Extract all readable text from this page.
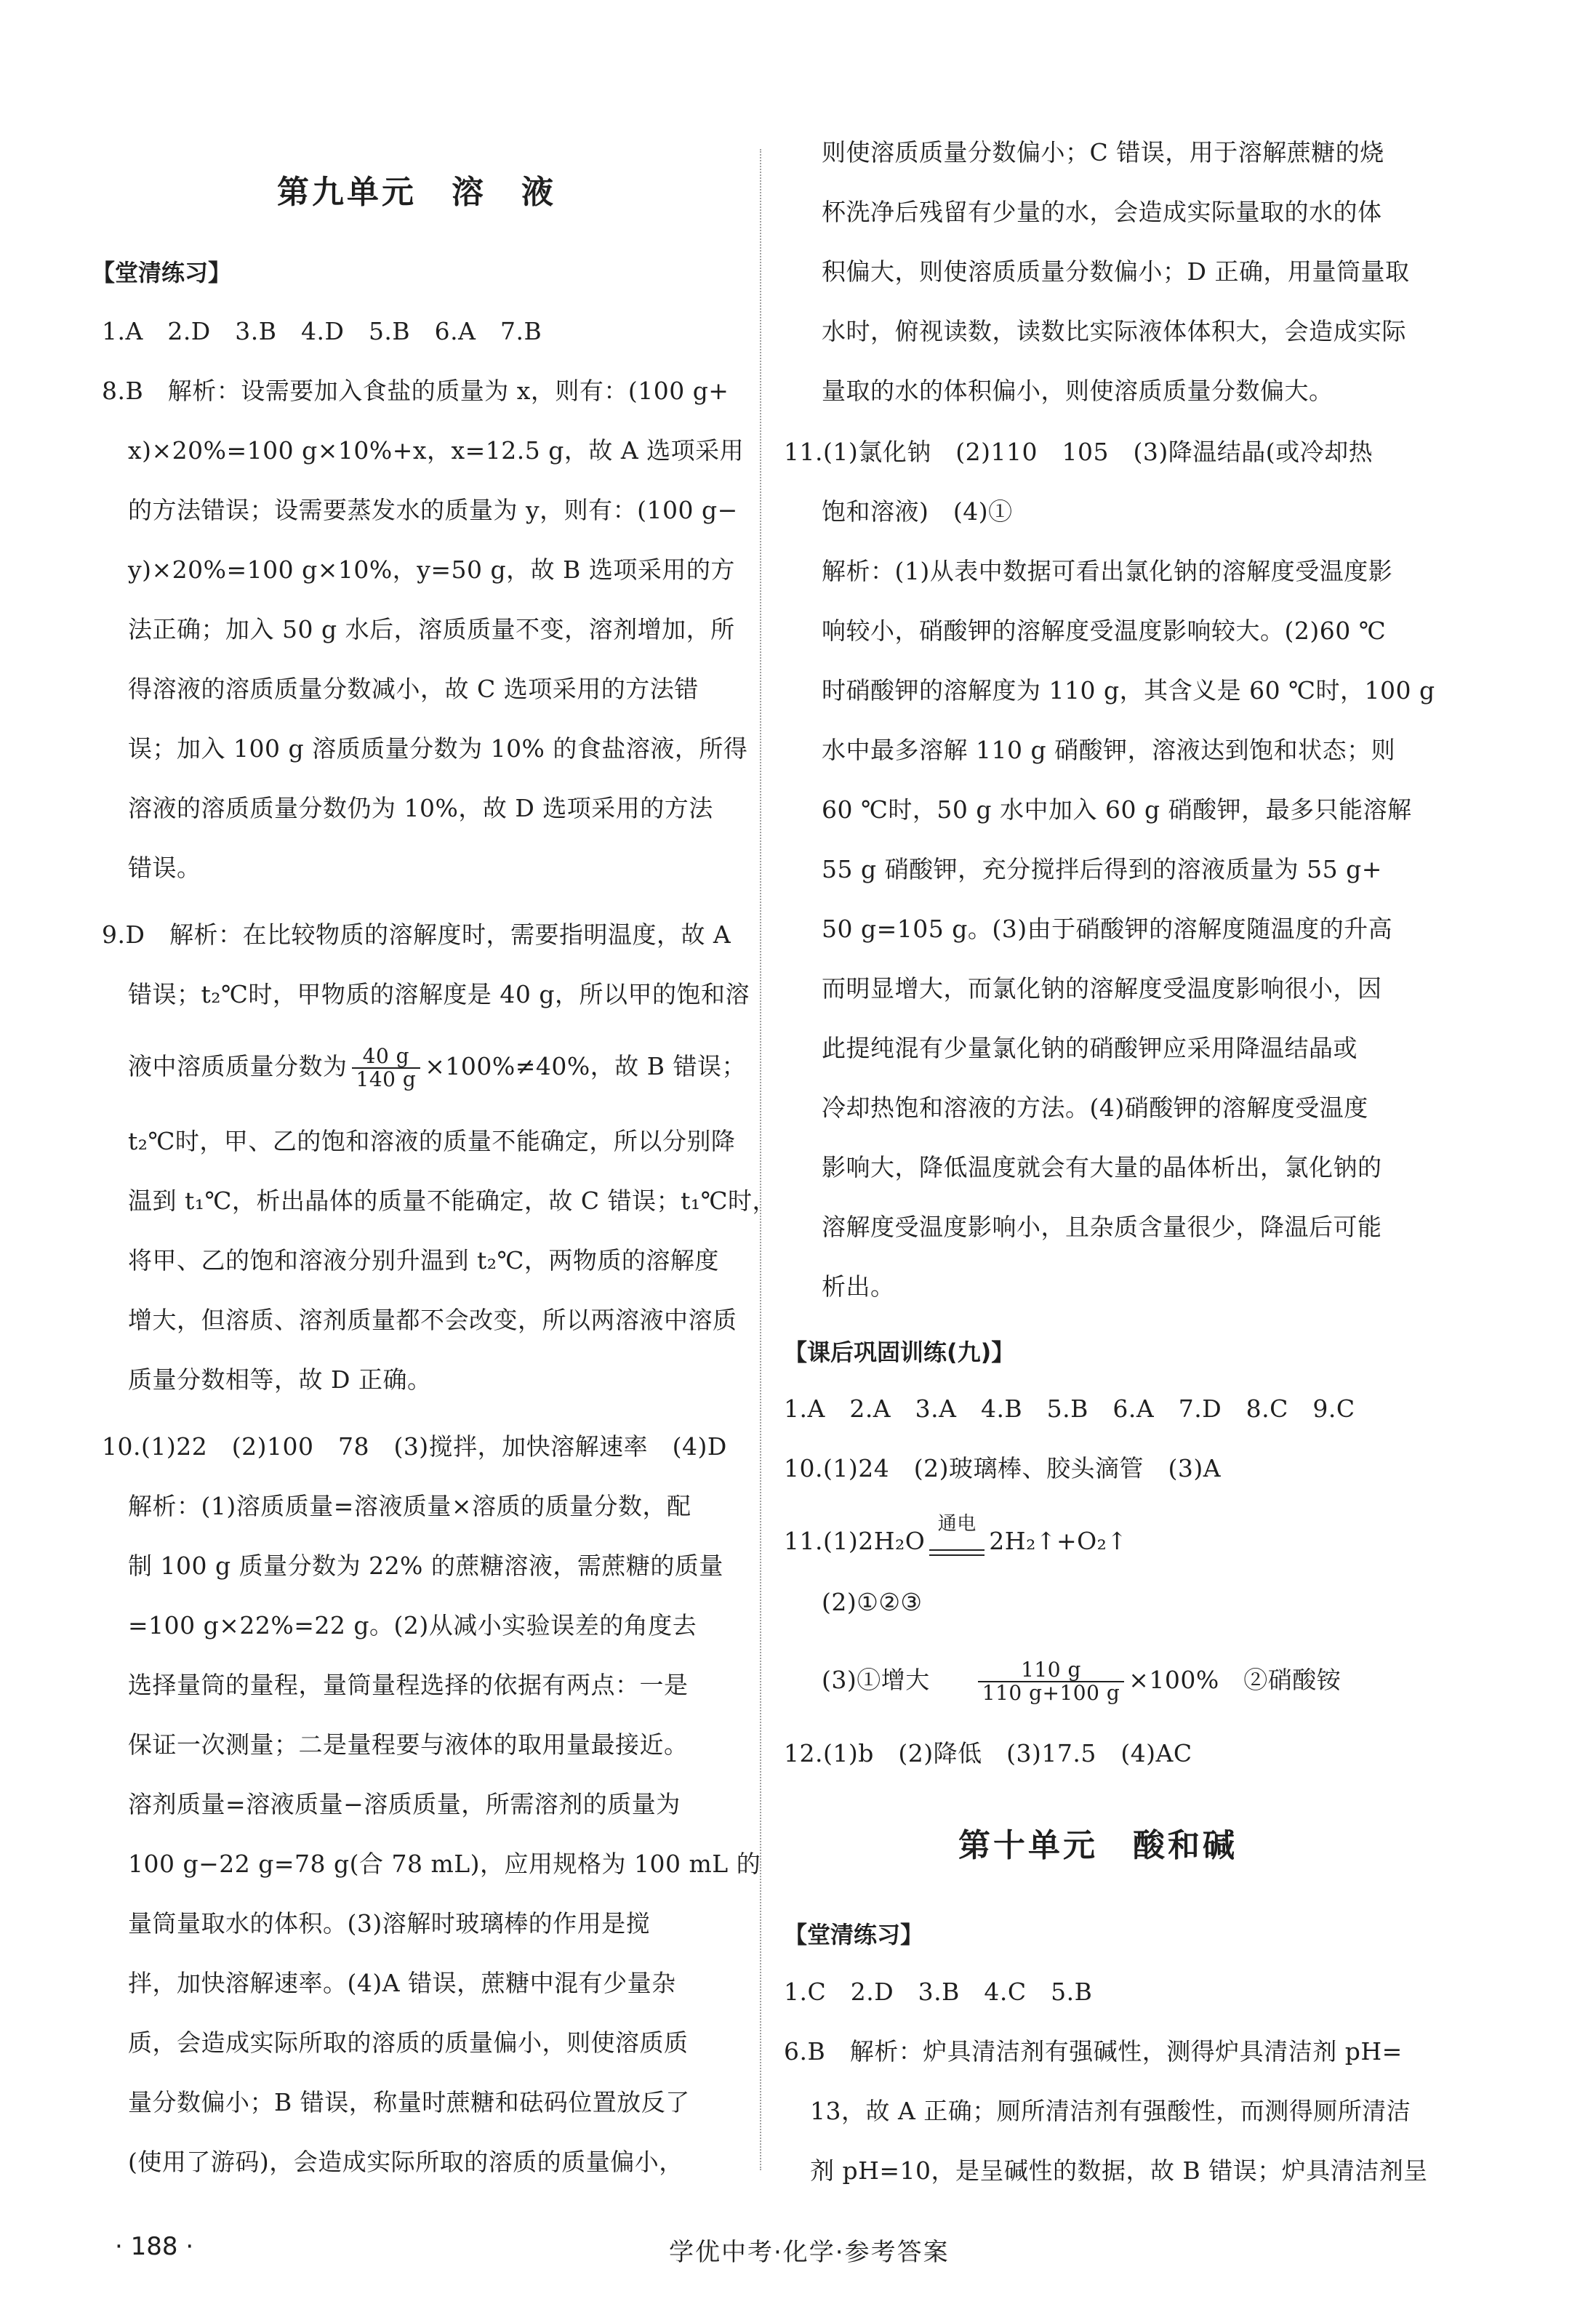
第九单元　溶　液
【堂清练习】
1.A　2.D　3.B　4.D　5.B　6.A　7.B
8.B　解析：设需要加入食盐的质量为 x，则有：(100 g+
x)×20%=100 g×10%+x，x=12.5 g，故 A 选项采用
的方法错误；设需要蒸发水的质量为 y，则有：(100 g−
y)×20%=100 g×10%，y=50 g，故 B 选项采用的方
法正确；加入 50 g 水后，溶质质量不变，溶剂增加，所
得溶液的溶质质量分数减小，故 C 选项采用的方法错
误；加入 100 g 溶质质量分数为 10% 的食盐溶液，所得
溶液的溶质质量分数仍为 10%，故 D 选项采用的方法
错误。
9.D　解析：在比较物质的溶解度时，需要指明温度，故 A
错误；t₂℃时，甲物质的溶解度是 40 g，所以甲的饱和溶
液中溶质质量分数为 $\frac{40 g}{140 g} \times 100\%\ne 40\%$，故 B 错误；
t₂℃时，甲、乙的饱和溶液的质量不能确定，所以分别降
温到 t₁℃，析出晶体的质量不能确定，故 C 错误；t₁℃时，
将甲、乙的饱和溶液分别升温到 t₂℃，两物质的溶解度
增大，但溶质、溶剂质量都不会改变，所以两溶液中溶质
质量分数相等，故 D 正确。
10.(1)22　(2)100　78　(3)搅拌，加快溶解速率　(4)D
解析：(1)溶质质量=溶液质量×溶质的质量分数，配
制 100 g 质量分数为 22% 的蔗糖溶液，需蔗糖的质量
=100 g×22%=22 g。(2)从减小实验误差的角度去
选择量筒的量程，量筒量程选择的依据有两点：一是
保证一次测量；二是量程要与液体的取用量最接近。
溶剂质量=溶液质量−溶质质量，所需溶剂的质量为
100 g−22 g=78 g(合 78 mL)，应用规格为 100 mL 的
量筒量取水的体积。(3)溶解时玻璃棒的作用是搅
拌，加快溶解速率。(4)A 错误，蔗糖中混有少量杂
质，会造成实际所取的溶质的质量偏小，则使溶质质
量分数偏小；B 错误，称量时蔗糖和砝码位置放反了
(使用了游码)，会造成实际所取的溶质的质量偏小，
则使溶质质量分数偏小；C 错误，用于溶解蔗糖的烧
杯洗净后残留有少量的水，会造成实际量取的水的体
积偏大，则使溶质质量分数偏小；D 正确，用量筒量取
水时，俯视读数，读数比实际液体体积大，会造成实际
量取的水的体积偏小，则使溶质质量分数偏大。
11.(1)氯化钠　(2)110　105　(3)降温结晶(或冷却热
饱和溶液)　(4)①
解析：(1)从表中数据可看出氯化钠的溶解度受温度影
响较小，硝酸钾的溶解度受温度影响较大。(2)60 ℃
时硝酸钾的溶解度为 110 g，其含义是 60 ℃时，100 g
水中最多溶解 110 g 硝酸钾，溶液达到饱和状态；则
60 ℃时，50 g 水中加入 60 g 硝酸钾，最多只能溶解
55 g 硝酸钾，充分搅拌后得到的溶液质量为 55 g+
50 g=105 g。(3)由于硝酸钾的溶解度随温度的升高
而明显增大，而氯化钠的溶解度受温度影响很小，因
此提纯混有少量氯化钠的硝酸钾应采用降温结晶或
冷却热饱和溶液的方法。(4)硝酸钾的溶解度受温度
影响大，降低温度就会有大量的晶体析出，氯化钠的
溶解度受温度影响小，且杂质含量很少，降温后可能
析出。
【课后巩固训练(九)】
1.A　2.A　3.A　4.B　5.B　6.A　7.D　8.C　9.C
10.(1)24　(2)玻璃棒、胶头滴管　(3)A
11.(1)2H₂O
通电
2H₂↑+O₂↑
(2)①②③
(3)①增大 $\frac{110 g}{110 g+100 g} \times 100\%$　②硝酸铵
12.(1)b　(2)降低　(3)17.5　(4)AC
第十单元　酸和碱
【堂清练习】
1.C　2.D　3.B　4.C　5.B
6.B　解析：炉具清洁剂有强碱性，测得炉具清洁剂 pH=
13，故 A 正确；厕所清洁剂有强酸性，而测得厕所清洁
剂 pH=10，是呈碱性的数据，故 B 错误；炉具清洁剂呈
· 188 ·	学优中考·化学·参考答案
